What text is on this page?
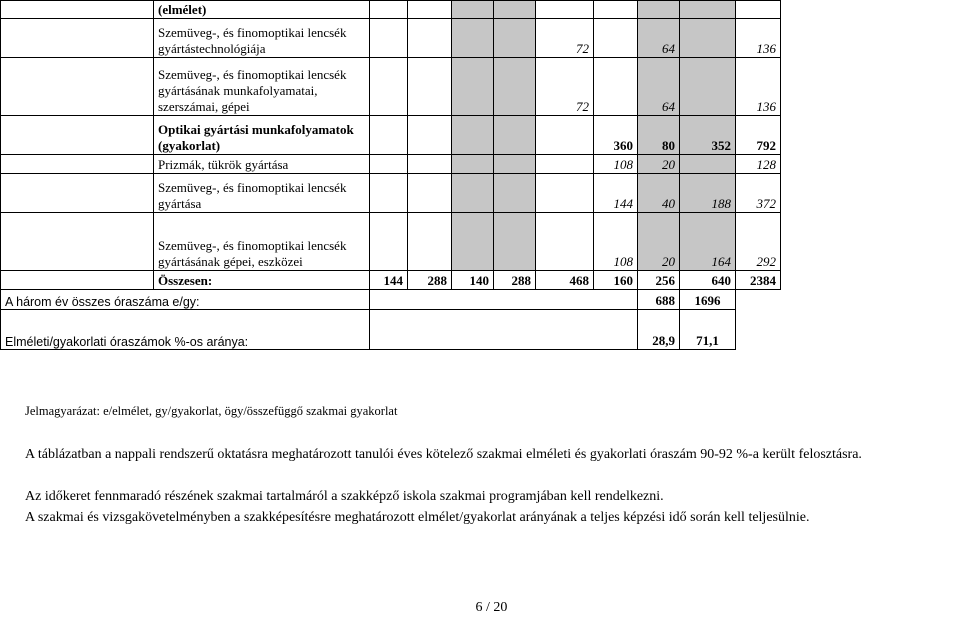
	(elmélet)									
	Szemüveg-, és finomoptikai lencsék gyártástechnológiája					72		64		136
	Szemüveg-, és finomoptikai lencsék gyártásának munkafolyamatai, szerszámai, gépei					72		64		136
	Optikai gyártási munkafolyamatok (gyakorlat)						360	80	352	792
	Prizmák, tükrök gyártása						108	20		128
	Szemüveg-, és finomoptikai lencsék gyártása						144	40	188	372
	Szemüveg-, és finomoptikai lencsék gyártásának gépei, eszközei						108	20	164	292
	Összesen:	144	288	140	288	468	160	256	640	2384
A három év összes óraszáma e/gy:								688	1696	
Elméleti/gyakorlati óraszámok %-os aránya:								28,9	71,1	
Jelmagyarázat: e/elmélet, gy/gyakorlat, ögy/összefüggő szakmai gyakorlat
A táblázatban a nappali rendszerű oktatásra meghatározott tanulói éves kötelező szakmai elméleti és gyakorlati óraszám 90-92 %-a került felosztásra.
Az időkeret fennmaradó részének szakmai tartalmáról a szakképző iskola szakmai programjában kell rendelkezni.
A szakmai és vizsgakövetelményben a szakképesítésre meghatározott elmélet/gyakorlat arányának a teljes képzési idő során kell teljesülnie.
6 / 20
